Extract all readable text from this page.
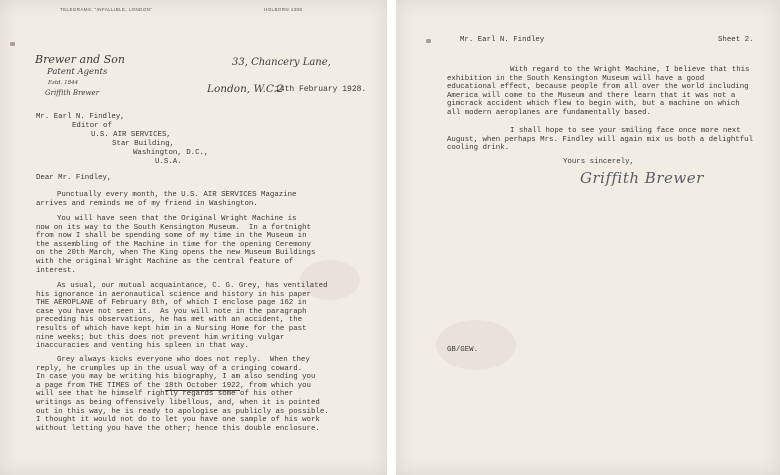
TELEGRAMS: "INFALLIBLE, LONDON"	HOLBORN 1308
Brewer and Son
Patent Agents
Estd. 1844
Griffith Brewer
33, Chancery Lane,
London, W.C.2
14th February 1928.
Mr. Earl N. Findley,
Editor of
U.S. AIR SERVICES,
Star Building,
Washington, D.C.,
U.S.A.
Dear Mr. Findley,
Punctually every month, the U.S. AIR SERVICES Magazine
arrives and reminds me of my friend in Washington.
You will have seen that the Original Wright Machine is
now on its way to the South Kensington Museum.  In a fortnight
from now I shall be spending some of my time in the Museum in
the assembling of the Machine in time for the opening Ceremony
on the 20th March, when The King opens the new Museum Buildings
with the original Wright Machine as the central feature of
interest.
As usual, our mutual acquaintance, C. G. Grey, has ventilated
his ignorance in aeronautical science and history in his paper
THE AEROPLANE of February 8th, of which I enclose page 162 in
case you have not seen it.  As you will note in the paragraph
preceding his observations, he has met with an accident, the
results of which have kept him in a Nursing Home for the past
nine weeks; but this does not prevent him writing vulgar
inaccuracies and venting his spleen in that way.
Grey always kicks everyone who does not reply.  When they
reply, he crumples up in the usual way of a cringing coward.
In case you may be writing his biography, I am also sending you
a page from THE TIMES of the 18th October 1922, from which you
will see that he himself rightly regards some of his other
writings as being offensively libellous, and, when it is pointed
out in this way, he is ready to apologise as publicly as possible.
I thought it would not do to let you have one sample of his work
without letting you have the other; hence this double enclosure.
Mr. Earl N. Findley	Sheet 2.
With regard to the Wright Machine, I believe that this
exhibition in the South Kensington Museum will have a good
educational effect, because people from all over the world including
America will come to the Museum and there learn that it was not a
gimcrack accident which flew to begin with, but a machine on which
all modern aeroplanes are fundamentally based.
I shall hope to see your smiling face once more next
August, when perhaps Mrs. Findley will again mix us both a delightful
cooling drink.
Yours sincerely,
Griffith Brewer
GB/GEW.
